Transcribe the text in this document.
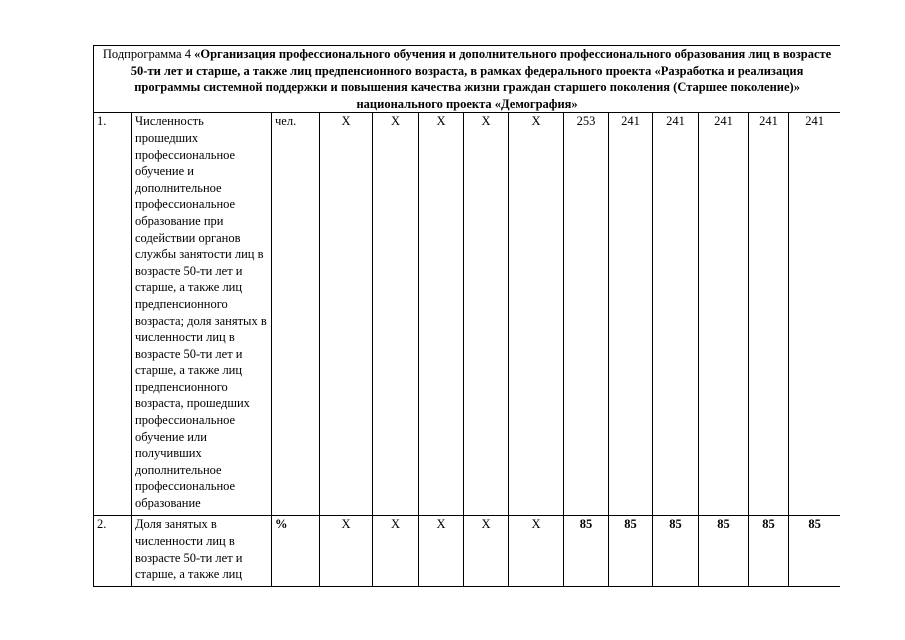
Подпрограмма 4 «Организация профессионального обучения и дополнительного профессионального образования лиц в возрасте 50-ти лет и старше, а также лиц предпенсионного возраста, в рамках федерального проекта «Разработка и реализация программы системной поддержки и повышения качества жизни граждан старшего поколения (Старшее поколение)» национального проекта «Демография»													
1.	Численность прошедших профессиональное обучение и дополнительное профессиональное образование при содействии органов службы занятости лиц в возрасте 50-ти лет и старше, а также лиц предпенсионного возраста; доля занятых в численности лиц в возрасте 50-ти лет и старше, а также лиц предпенсионного возраста, прошедших профессиональное обучение или получивших дополнительное профессиональное образование	чел.	Х	Х	Х	Х	Х	253	241	241	241	241	241
2.	Доля занятых в численности лиц в возрасте 50-ти лет и старше, а также лиц	%	Х	Х	Х	Х	Х	85	85	85	85	85	85
